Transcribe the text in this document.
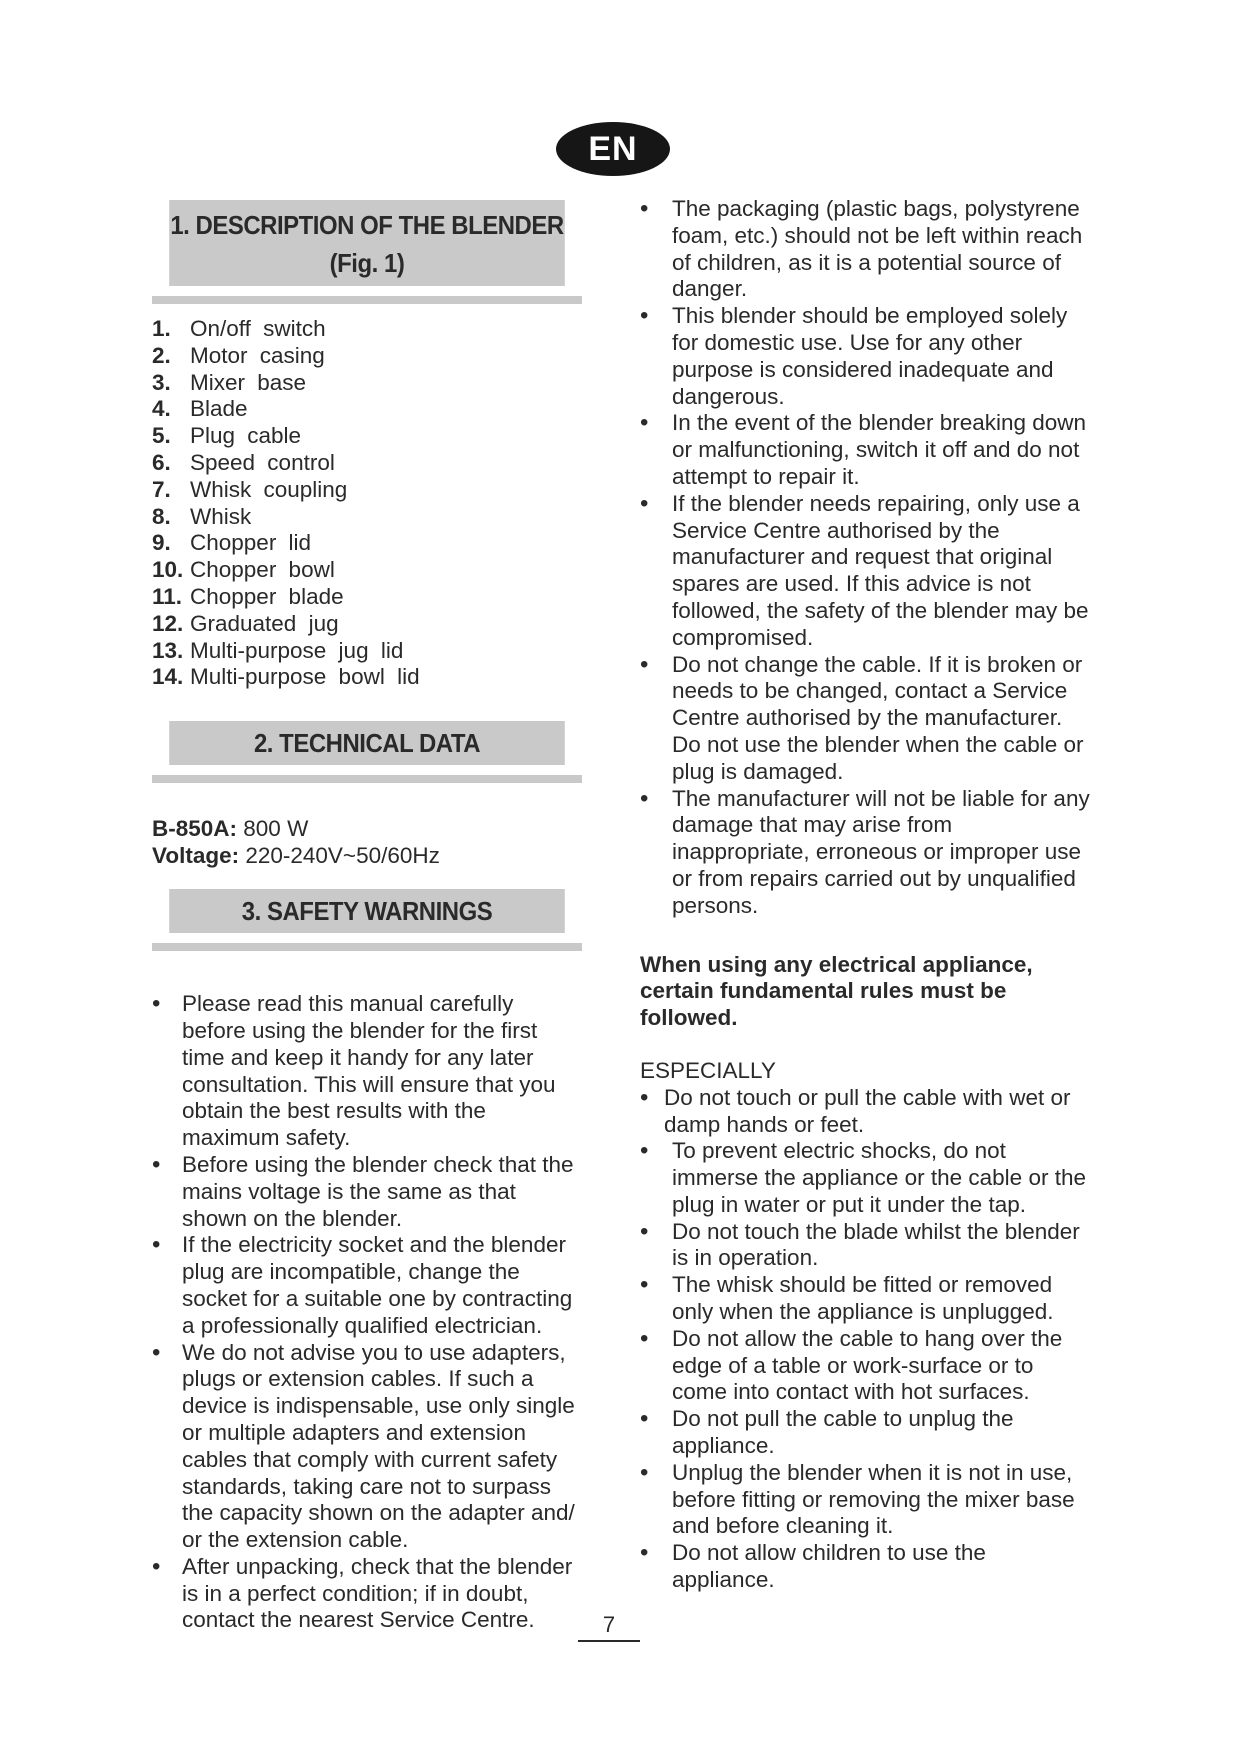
EN
1. DESCRIPTION OF THE BLENDER
(Fig. 1)
1. On/off switch
2. Motor casing
3. Mixer base
4. Blade
5. Plug cable
6. Speed control
7. Whisk coupling
8. Whisk
9. Chopper lid
10. Chopper bowl
11. Chopper blade
12. Graduated jug
13. Multi-purpose jug lid
14. Multi-purpose bowl lid
2. TECHNICAL DATA
B-850A: 800 W
Voltage: 220-240V~50/60Hz
3. SAFETY WARNINGS
• Please read this manual carefully before using the blender for the first time and keep it handy for any later consultation. This will ensure that you obtain the best results with the maximum safety.
• Before using the blender check that the mains voltage is the same as that shown on the blender.
• If the electricity socket and the blender plug are incompatible, change the socket for a suitable one by contracting a professionally qualified electrician.
• We do not advise you to use adapters, plugs or extension cables. If such a device is indispensable, use only single or multiple adapters and extension cables that comply with current safety standards, taking care not to surpass the capacity shown on the adapter and/ or the extension cable.
• After unpacking, check that the blender is in a perfect condition; if in doubt, contact the nearest Service Centre.
• The packaging (plastic bags, polystyrene foam, etc.) should not be left within reach of children, as it is a potential source of danger.
• This blender should be employed solely for domestic use. Use for any other purpose is considered inadequate and dangerous.
• In the event of the blender breaking down or malfunctioning, switch it off and do not attempt to repair it.
• If the blender needs repairing, only use a Service Centre authorised by the manufacturer and request that original spares are used. If this advice is not followed, the safety of the blender may be compromised.
• Do not change the cable. If it is broken or needs to be changed, contact a Service Centre authorised by the manufacturer. Do not use the blender when the cable or plug is damaged.
• The manufacturer will not be liable for any damage that may arise from inappropriate, erroneous or improper use or from repairs carried out by unqualified persons.
When using any electrical appliance, certain fundamental rules must be followed.
ESPECIALLY
• Do not touch or pull the cable with wet or damp hands or feet.
• To prevent electric shocks, do not immerse the appliance or the cable or the plug in water or put it under the tap.
• Do not touch the blade whilst the blender is in operation.
• The whisk should be fitted or removed only when the appliance is unplugged.
• Do not allow the cable to hang over the edge of a table or work-surface or to come into contact with hot surfaces.
• Do not pull the cable to unplug the appliance.
• Unplug the blender when it is not in use, before fitting or removing the mixer base and before cleaning it.
• Do not allow children to use the appliance.
7
